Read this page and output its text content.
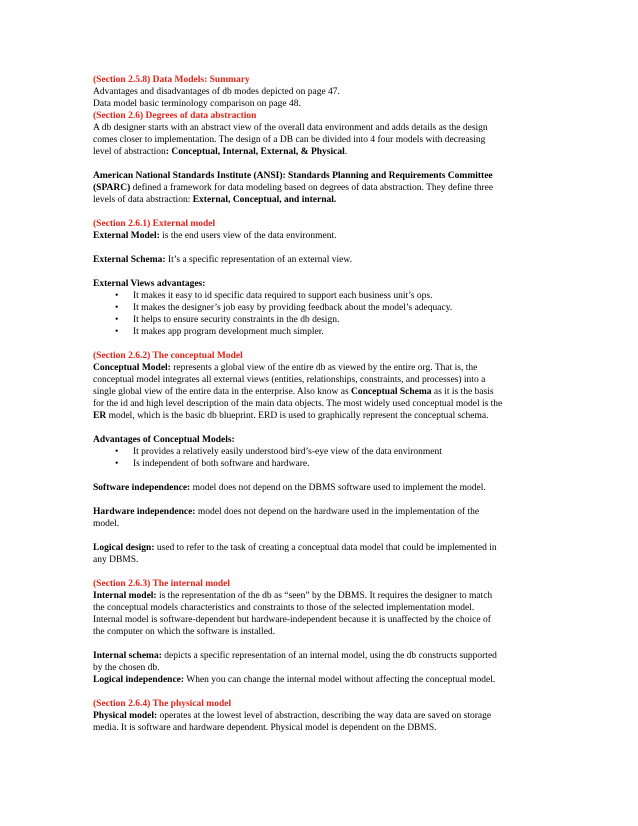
(Section 2.5.8) Data Models: Summary
Advantages and disadvantages of db modes depicted on page 47.
Data model basic terminology comparison on page 48.
(Section 2.6) Degrees of data abstraction
A db designer starts with an abstract view of the overall data environment and adds details as the design
comes closer to implementation. The design of a DB can be divided into 4 four models with decreasing
level of abstraction: Conceptual, Internal, External, & Physical.
American National Standards Institute (ANSI): Standards Planning and Requirements Committee
(SPARC) defined a framework for data modeling based on degrees of data abstraction. They define three
levels of data abstraction: External, Conceptual, and internal.
(Section 2.6.1) External model
External Model: is the end users view of the data environment.
External Schema: It’s a specific representation of an external view.
External Views advantages:
• It makes it easy to id specific data required to support each business unit’s ops.
• It makes the designer’s job easy by providing feedback about the model’s adequacy.
• It helps to ensure security constraints in the db design.
• It makes app program development much simpler.
(Section 2.6.2) The conceptual Model
Conceptual Model: represents a global view of the entire db as viewed by the entire org. That is, the
conceptual model integrates all external views (entities, relationships, constraints, and processes) into a
single global view of the entire data in the enterprise. Also know as Conceptual Schema as it is the basis
for the id and high level description of the main data objects. The most widely used conceptual model is the
ER model, which is the basic db blueprint. ERD is used to graphically represent the conceptual schema.
Advantages of Conceptual Models:
• It provides a relatively easily understood bird’s-eye view of the data environment
• Is independent of both software and hardware.
Software independence: model does not depend on the DBMS software used to implement the model.
Hardware independence: model does not depend on the hardware used in the implementation of the
model.
Logical design: used to refer to the task of creating a conceptual data model that could be implemented in
any DBMS.
(Section 2.6.3) The internal model
Internal model: is the representation of the db as “seen” by the DBMS. It requires the designer to match
the conceptual models characteristics and constraints to those of the selected implementation model.
Internal model is software-dependent but hardware-independent because it is unaffected by the choice of
the computer on which the software is installed.
Internal schema: depicts a specific representation of an internal model, using the db constructs supported
by the chosen db.
Logical independence: When you can change the internal model without affecting the conceptual model.
(Section 2.6.4) The physical model
Physical model: operates at the lowest level of abstraction, describing the way data are saved on storage
media. It is software and hardware dependent. Physical model is dependent on the DBMS.
